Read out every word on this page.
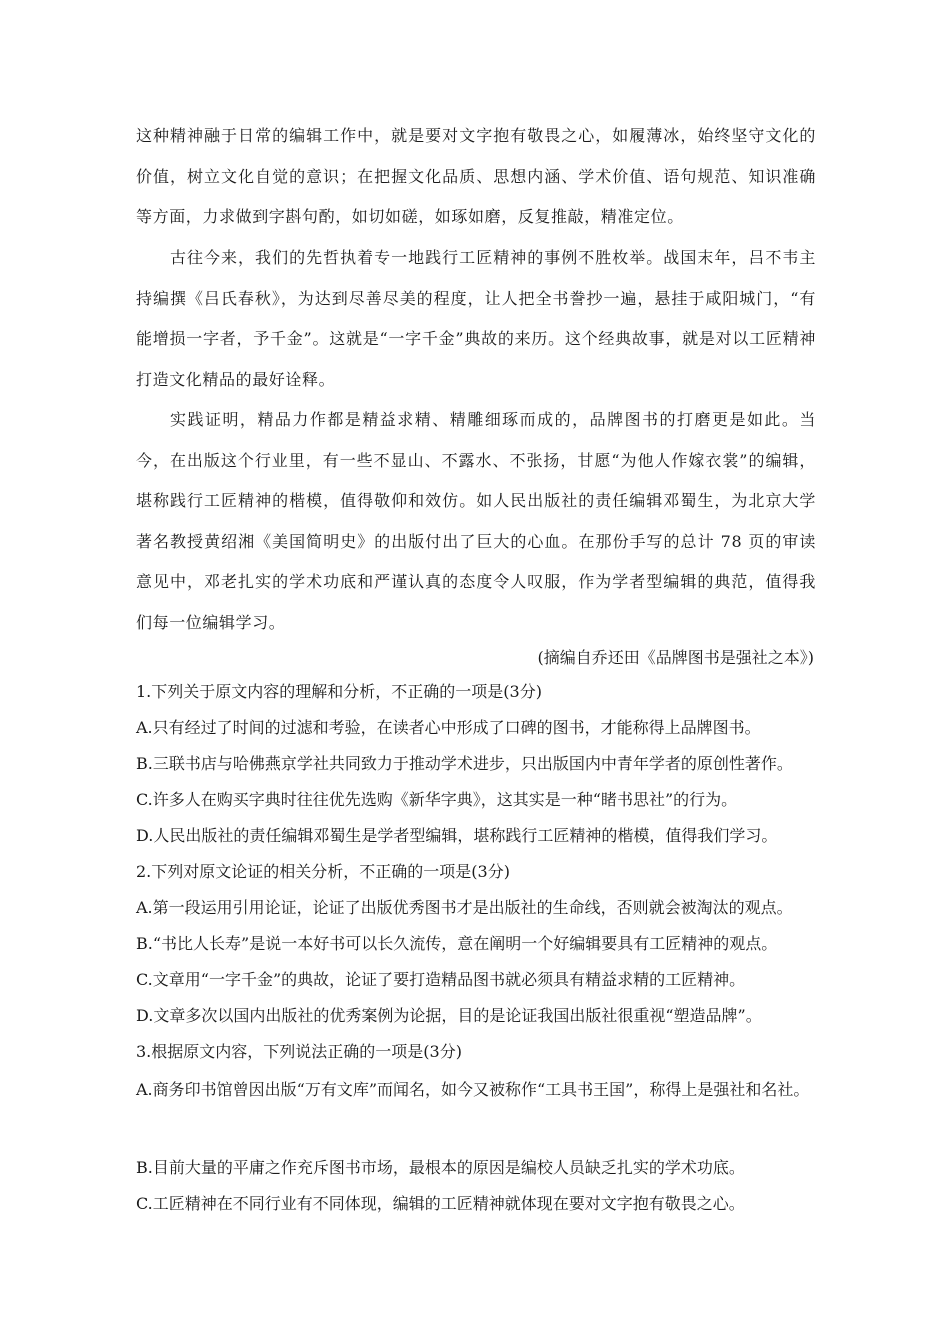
这种精神融于日常的编辑工作中，就是要对文字抱有敬畏之心，如履薄冰，始终坚守文化的价值，树立文化自觉的意识；在把握文化品质、思想内涵、学术价值、语句规范、知识准确等方面，力求做到字斟句酌，如切如磋，如琢如磨，反复推敲，精准定位。
古往今来，我们的先哲执着专一地践行工匠精神的事例不胜枚举。战国末年，吕不韦主持编撰《吕氏春秋》，为达到尽善尽美的程度，让人把全书誊抄一遍，悬挂于咸阳城门，“有能增损一字者，予千金”。这就是“一字千金”典故的来历。这个经典故事，就是对以工匠精神打造文化精品的最好诠释。
实践证明，精品力作都是精益求精、精雕细琢而成的，品牌图书的打磨更是如此。当今，在出版这个行业里，有一些不显山、不露水、不张扬，甘愿“为他人作嫁衣裳”的编辑，堪称践行工匠精神的楷模，值得敬仰和效仿。如人民出版社的责任编辑邓蜀生，为北京大学著名教授黄绍湘《美国简明史》的出版付出了巨大的心血。在那份手写的总计 78 页的审读意见中，邓老扎实的学术功底和严谨认真的态度令人叹服，作为学者型编辑的典范，值得我们每一位编辑学习。
(摘编自乔还田《品牌图书是强社之本》)
1.下列关于原文内容的理解和分析，不正确的一项是(3分)
A.只有经过了时间的过滤和考验，在读者心中形成了口碑的图书，才能称得上品牌图书。
B.三联书店与哈佛燕京学社共同致力于推动学术进步，只出版国内中青年学者的原创性著作。
C.许多人在购买字典时往往优先选购《新华字典》，这其实是一种“睹书思社”的行为。
D.人民出版社的责任编辑邓蜀生是学者型编辑，堪称践行工匠精神的楷模，值得我们学习。
2.下列对原文论证的相关分析，不正确的一项是(3分)
A.第一段运用引用论证，论证了出版优秀图书才是出版社的生命线，否则就会被淘汰的观点。
B.“书比人长寿”是说一本好书可以长久流传，意在阐明一个好编辑要具有工匠精神的观点。
C.文章用“一字千金”的典故，论证了要打造精品图书就必须具有精益求精的工匠精神。
D.文章多次以国内出版社的优秀案例为论据，目的是论证我国出版社很重视“塑造品牌”。
3.根据原文内容，下列说法正确的一项是(3分)
A.商务印书馆曾因出版“万有文库”而闻名，如今又被称作“工具书王国”，称得上是强社和名社。
B.目前大量的平庸之作充斥图书市场，最根本的原因是编校人员缺乏扎实的学术功底。
C.工匠精神在不同行业有不同体现，编辑的工匠精神就体现在要对文字抱有敬畏之心。
